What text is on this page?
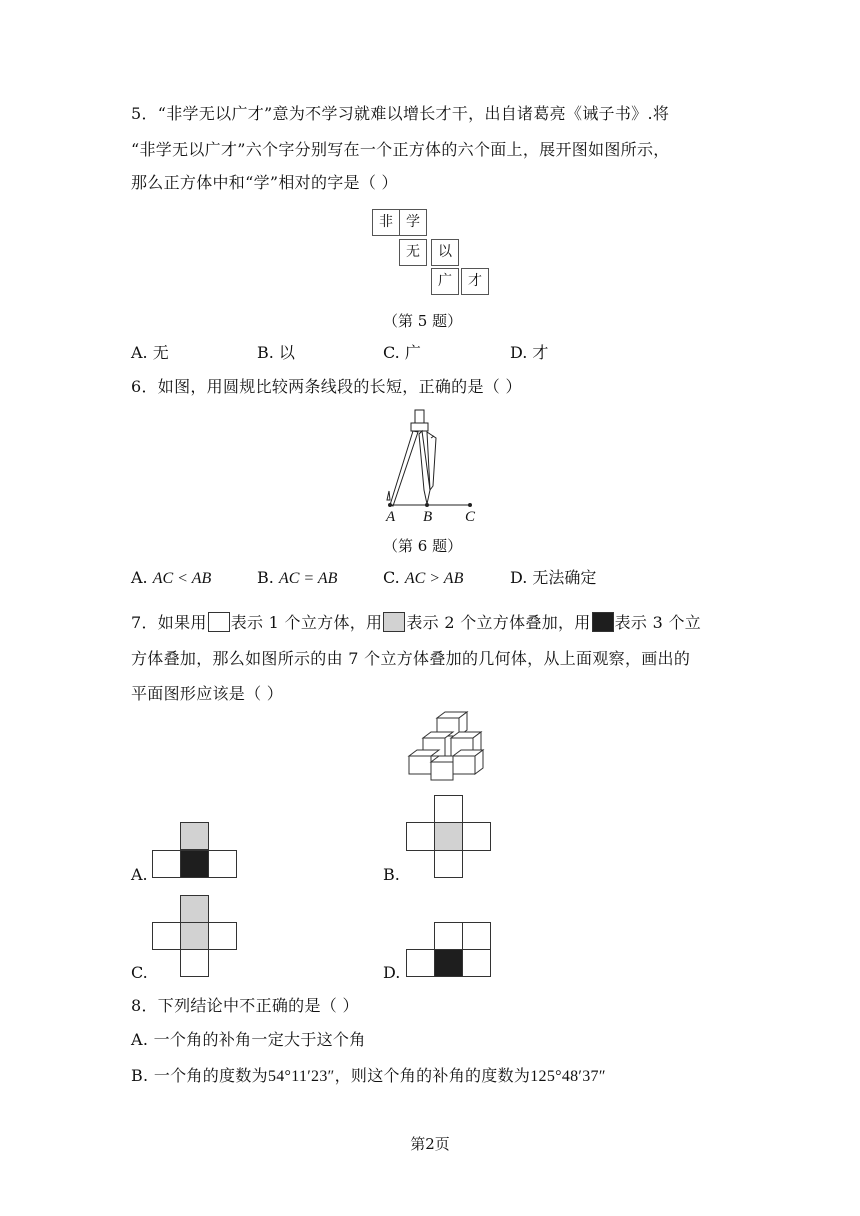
5．“非学无以广才”意为不学习就难以增长才干，出自诸葛亮《诫子书》.将
“非学无以广才”六个字分别写在一个正方体的六个面上，展开图如图所示，
那么正方体中和“学”相对的字是（ ）
非 学
无	以
广	才
（第 5 题）
A. 无	B. 以	C. 广	D. 才
6．如图，用圆规比较两条线段的长短，正确的是（ ）
A B C
（第 6 题）
A. AC < AB	B. AC = AB	C. AC > AB	D. 无法确定
7．如果用 表示 1 个立方体，用 表示 2 个立方体叠加，用 表示 3 个立
方体叠加，那么如图所示的由 7 个立方体叠加的几何体，从上面观察，画出的
平面图形应该是（ ）
A.	B.
C.	D.
8．下列结论中不正确的是（ ）
A. 一个角的补角一定大于这个角
B. 一个角的度数为54°11′23″，则这个角的补角的度数为125°48′37″
第2页
